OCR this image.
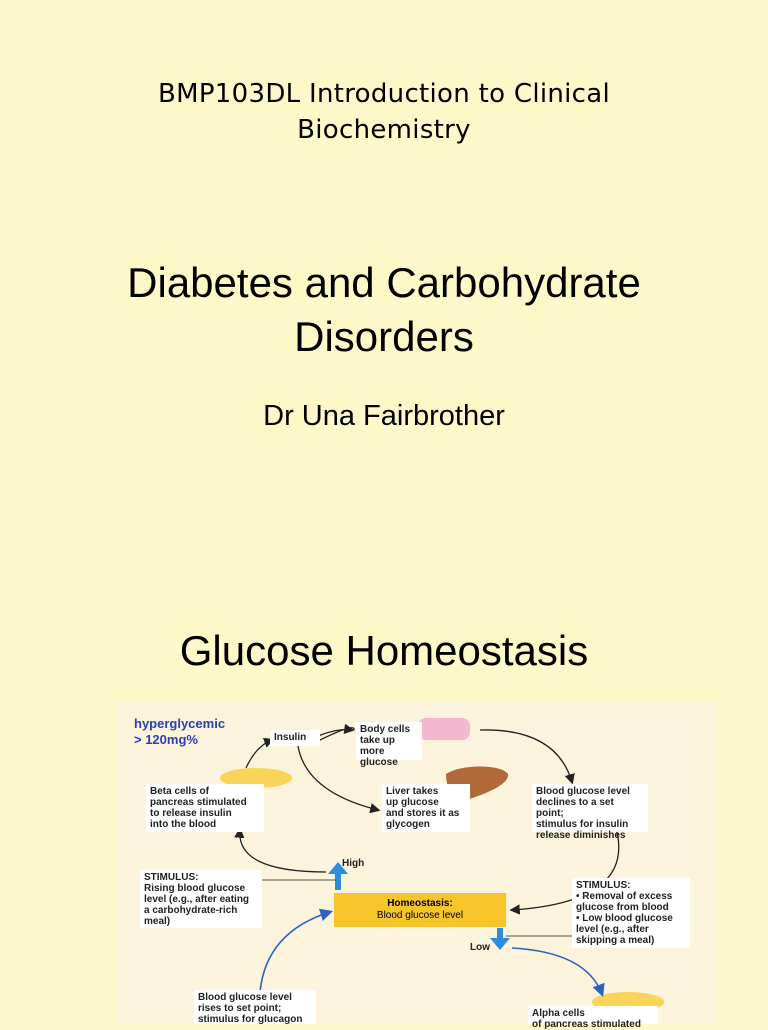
BMP103DL Introduction to Clinical
Biochemistry
Diabetes and Carbohydrate
Disorders
Dr Una Fairbrother
Glucose Homeostasis
hyperglycemic
> 120mg%	Insulin
Body cells
take up more
glucose
Beta cells of
pancreas stimulated
to release insulin
into the blood
Liver takes
up glucose
and stores it as
glycogen
Blood glucose level
declines to a set point;
stimulus for insulin
release diminishes
STIMULUS:
Rising blood glucose
level (e.g., after eating
a carbohydrate-rich
meal)
High
Homeostasis:
Blood glucose level
STIMULUS:
• Removal of excess
glucose from blood
• Low blood glucose
level (e.g., after
skipping a meal)
Low
Blood glucose level
rises to set point;
stimulus for glucagon
Alpha cells
of pancreas stimulated
